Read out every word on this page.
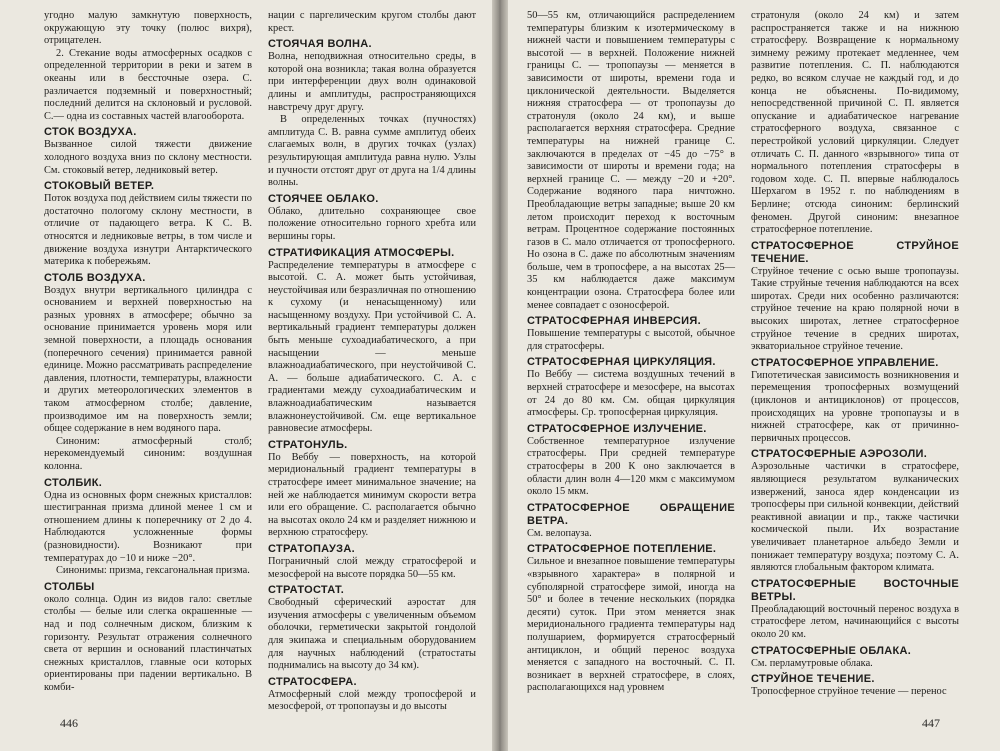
угодно малую замкнутую поверхность, окружающую эту точку (полюс вихря), отрицателен.

2. Стекание воды атмосферных осадков с определенной территории в реки и затем в океаны или в бессточные озера. С. различается подземный и поверхностный; последний делится на склоновый и русловой. С.— одна из составных частей влагооборота.

СТОК ВОЗДУХА.

Вызванное силой тяжести движение холодного воздуха вниз по склону местности. См. стоковый ветер, ледниковый ветер.

СТОКОВЫЙ ВЕТЕР.

Поток воздуха под действием силы тяжести по достаточно пологому склону местности, в отличие от падающего ветра. К С. В. относятся и ледниковые ветры, в том числе и движение воздуха изнутри Антарктического материка к побережьям.

СТОЛБ ВОЗДУХА.

Воздух внутри вертикального цилиндра с основанием и верхней поверхностью на разных уровнях в атмосфере; обычно за основание принимается уровень моря или земной поверхности, а площадь основания (поперечного сечения) принимается равной единице. Можно рассматривать распределение давления, плотности, температуры, влажности и других метеорологических элементов в таком атмосферном столбе; давление, производимое им на поверхность земли; общее содержание в нем водяного пара.

Синоним: атмосферный столб; нерекомендуемый синоним: воздушная колонна.

СТОЛБИК.

Одна из основных форм снежных кристаллов: шестигранная призма длиной менее 1 см и отношением длины к поперечнику от 2 до 4. Наблюдаются усложненные формы (разновидности). Возникают при температурах до −10 и ниже −20°.

Синонимы: призма, гексагональная призма.

СТОЛБЫ

около солнца. Один из видов гало: светлые столбы — белые или слегка окрашенные — над и под солнечным диском, близким к горизонту. Результат отражения солнечного света от вершин и оснований пластинчатых снежных кристаллов, главные оси которых ориентированы при падении вертикально. В комби-

нации с паргелическим кругом столбы дают крест.

СТОЯЧАЯ ВОЛНА.

Волна, неподвижная относительно среды, в которой она возникла; такая волна образуется при интерференции двух волн одинаковой длины и амплитуды, распространяющихся навстречу друг другу.

В определенных точках (пучностях) амплитуда С. В. равна сумме амплитуд обеих слагаемых волн, в других точках (узлах) результирующая амплитуда равна нулю. Узлы и пучности отстоят друг от друга на 1/4 длины волны.

СТОЯЧЕЕ ОБЛАКО.

Облако, длительно сохраняющее свое положение относительно горного хребта или вершины горы.

СТРАТИФИКАЦИЯ АТМОСФЕРЫ.

Распределение температуры в атмосфере с высотой. С. А. может быть устойчивая, неустойчивая или безразличная по отношению к сухому (и ненасыщенному) или насыщенному воздуху. При устойчивой С. А. вертикальный градиент температуры должен быть меньше сухоадиабатического, а при насыщении — меньше влажноадиабатического, при неустойчивой С. А. — больше адиабатического. С. А. с градиентами между сухоадиабатическим и влажноадиабатическим называется влажнонеустойчивой. См. еще вертикальное равновесие атмосферы.

СТРАТОНУЛЬ.

По Веббу — поверхность, на которой меридиональный градиент температуры в стратосфере имеет минимальное значение; на ней же наблюдается минимум скорости ветра или его обращение. С. располагается обычно на высотах около 24 км и разделяет нижнюю и верхнюю стратосферу.

СТРАТОПАУЗА.

Пограничный слой между стратосферой и мезосферой на высоте порядка 50—55 км.

СТРАТОСТАТ.

Свободный сферический аэростат для изучения атмосферы с увеличенным объемом оболочки, герметически закрытой гондолой для экипажа и специальным оборудованием для научных наблюдений (стратостаты поднимались на высоту до 34 км).

СТРАТОСФЕРА.

Атмосферный слой между тропосферой и мезосферой, от тропопаузы и до высоты

446

50—55 км, отличающийся распределением температуры близким к изотермическому в нижней части и повышением температуры с высотой — в верхней. Положение нижней границы С. — тропопаузы — меняется в зависимости от широты, времени года и циклонической деятельности. Выделяется нижняя стратосфера — от тропопаузы до стратонуля (около 24 км), и выше располагается верхняя стратосфера. Средние температуры на нижней границе С. заключаются в пределах от −45 до −75° в зависимости от широты и времени года; на верхней границе С. — между −20 и +20°. Содержание водяного пара ничтожно. Преобладающие ветры западные; выше 20 км летом происходит переход к восточным ветрам. Процентное содержание постоянных газов в С. мало отличается от тропосферного. Но озона в С. даже по абсолютным значениям больше, чем в тропосфере, а на высотах 25—35 км наблюдается даже максимум концентрации озона. Стратосфера более или менее совпадает с озоносферой.

СТРАТОСФЕРНАЯ ИНВЕРСИЯ.

Повышение температуры с высотой, обычное для стратосферы.

СТРАТОСФЕРНАЯ ЦИРКУЛЯЦИЯ.

По Веббу — система воздушных течений в верхней стратосфере и мезосфере, на высотах от 24 до 80 км. См. общая циркуляция атмосферы. Ср. тропосферная циркуляция.

СТРАТОСФЕРНОЕ ИЗЛУЧЕНИЕ.

Собственное температурное излучение стратосферы. При средней температуре стратосферы в 200 К оно заключается в области длин волн 4—120 мкм с максимумом около 15 мкм.

СТРАТОСФЕРНОЕ ОБРАЩЕНИЕ ВЕТРА.

См. велопауза.

СТРАТОСФЕРНОЕ ПОТЕПЛЕНИЕ.

Сильное и внезапное повышение температуры «взрывного характера» в полярной и субполярной стратосфере зимой, иногда на 50° и более в течение нескольких (порядка десяти) суток. При этом меняется знак меридионального градиента температуры над полушарием, формируется стратосферный антициклон, и общий перенос воздуха меняется с западного на восточный. С. П. возникает в верхней стратосфере, в слоях, располагающихся над уровнем

стратонуля (около 24 км) и затем распространяется также и на нижнюю стратосферу. Возвращение к нормальному зимнему режиму протекает медленнее, чем развитие потепления. С. П. наблюдаются редко, во всяком случае не каждый год, и до конца не объяснены. По-видимому, непосредственной причиной С. П. является опускание и адиабатическое нагревание стратосферного воздуха, связанное с перестройкой условий циркуляции. Следует отличать С. П. данного «взрывного» типа от нормального потепления стратосферы в годовом ходе. С. П. впервые наблюдалось Шерхагом в 1952 г. по наблюдениям в Берлине; отсюда синоним: берлинский феномен. Другой синоним: внезапное стратосферное потепление.

СТРАТОСФЕРНОЕ СТРУЙНОЕ ТЕЧЕНИЕ.

Струйное течение с осью выше тропопаузы. Такие струйные течения наблюдаются на всех широтах. Среди них особенно различаются: струйное течение на краю полярной ночи в высоких широтах, летнее стратосферное струйное течение в средних широтах, экваториальное струйное течение.

СТРАТОСФЕРНОЕ УПРАВЛЕНИЕ.

Гипотетическая зависимость возникновения и перемещения тропосферных возмущений (циклонов и антициклонов) от процессов, происходящих на уровне тропопаузы и в нижней стратосфере, как от причинно-первичных процессов.

СТРАТОСФЕРНЫЕ АЭРОЗОЛИ.

Аэрозольные частички в стратосфере, являющиеся результатом вулканических извержений, заноса ядер конденсации из тропосферы при сильной конвекции, действий реактивной авиации и пр., также частички космической пыли. Их возрастание увеличивает планетарное альбедо Земли и понижает температуру воздуха; поэтому С. А. являются глобальным фактором климата.

СТРАТОСФЕРНЫЕ ВОСТОЧНЫЕ ВЕТРЫ.

Преобладающий восточный перенос воздуха в стратосфере летом, начинающийся с высоты около 20 км.

СТРАТОСФЕРНЫЕ ОБЛАКА.

См. перламутровые облака.

СТРУЙНОЕ ТЕЧЕНИЕ.

Тропосферное струйное течение — перенос

447
